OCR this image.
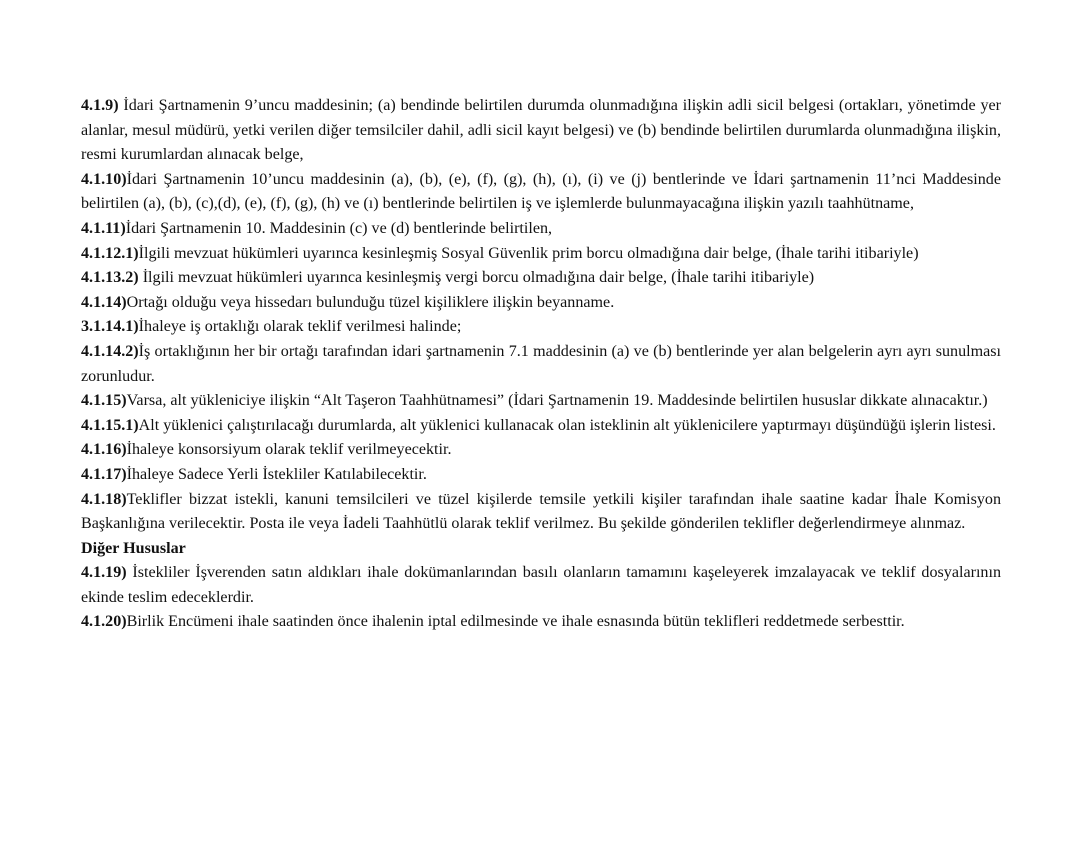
4.1.9) İdari Şartnamenin 9’uncu maddesinin; (a) bendinde belirtilen durumda olunmadığına ilişkin adli sicil belgesi (ortakları, yönetimde yer alanlar, mesul müdürü, yetki verilen diğer temsilciler dahil, adli sicil kayıt belgesi) ve (b) bendinde belirtilen durumlarda olunmadığına ilişkin, resmi kurumlardan alınacak belge,

4.1.10)İdari Şartnamenin 10’uncu maddesinin (a), (b), (e), (f), (g), (h), (ı), (i) ve (j) bentlerinde ve İdari şartnamenin 11’nci Maddesinde belirtilen (a), (b), (c),(d), (e), (f), (g), (h) ve (ı) bentlerinde belirtilen iş ve işlemlerde bulunmayacağına ilişkin yazılı taahhütname,

4.1.11)İdari Şartnamenin 10. Maddesinin (c) ve (d) bentlerinde belirtilen,

4.1.12.1)İlgili mevzuat hükümleri uyarınca kesinleşmiş Sosyal Güvenlik prim borcu olmadığına dair belge, (İhale tarihi itibariyle)

4.1.13.2) İlgili mevzuat hükümleri uyarınca kesinleşmiş vergi borcu olmadığına dair belge, (İhale tarihi itibariyle)

4.1.14)Ortağı olduğu veya hissedarı bulunduğu tüzel kişiliklere ilişkin beyanname.

3.1.14.1)İhaleye iş ortaklığı olarak teklif verilmesi halinde;

4.1.14.2)İş ortaklığının her bir ortağı tarafından idari şartnamenin 7.1 maddesinin (a) ve (b) bentlerinde yer alan belgelerin ayrı ayrı sunulması zorunludur.

4.1.15)Varsa, alt yükleniciye ilişkin “Alt Taşeron Taahhütnamesi” (İdari Şartnamenin 19. Maddesinde belirtilen hususlar dikkate alınacaktır.)

4.1.15.1)Alt yüklenici çalıştırılacağı durumlarda, alt yüklenici kullanacak olan isteklinin alt yüklenicilere yaptırmayı düşündüğü işlerin listesi.

4.1.16)İhaleye konsorsiyum olarak teklif verilmeyecektir.

4.1.17)İhaleye Sadece Yerli İstekliler Katılabilecektir.

4.1.18)Teklifler bizzat istekli, kanuni temsilcileri ve tüzel kişilerde temsile yetkili kişiler tarafından ihale saatine kadar İhale Komisyon Başkanlığına verilecektir. Posta ile veya İadeli Taahhütlü olarak teklif verilmez. Bu şekilde gönderilen teklifler değerlendirmeye alınmaz.

Diğer Hususlar

4.1.19) İstekliler İşverenden satın aldıkları ihale dokümanlarından basılı olanların tamamını kaşeleyerek imzalayacak ve teklif dosyalarının ekinde teslim edeceklerdir.

4.1.20)Birlik Encümeni ihale saatinden önce ihalenin iptal edilmesinde ve ihale esnasında bütün teklifleri reddetmede serbesttir.
